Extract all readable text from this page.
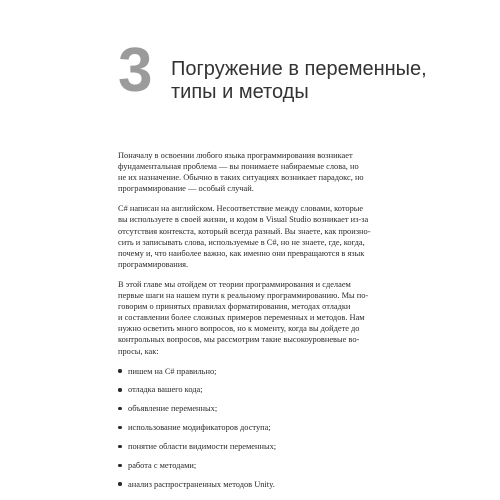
3 Погружение в переменные,
типы и методы
Поначалу в освоении любого языка программирования возникает
фундаментальная проблема — вы понимаете набираемые слова, но
не их назначение. Обычно в таких ситуациях возникает парадокс, но
программирование — особый случай.
C# написан на английском. Несоответствие между словами, которые
вы используете в своей жизни, и кодом в Visual Studio возникает из-за
отсутствия контекста, который всегда разный. Вы знаете, как произно-
сить и записывать слова, используемые в C#, но не знаете, где, когда,
почему и, что наиболее важно, как именно они превращаются в язык
программирования.
В этой главе мы отойдем от теории программирования и сделаем
первые шаги на нашем пути к реальному программированию. Мы по-
говорим о принятых правилах форматирования, методах отладки
и составлении более сложных примеров переменных и методов. Нам
нужно осветить много вопросов, но к моменту, когда вы дойдете до
контрольных вопросов, мы рассмотрим такие высокоуровневые во-
просы, как:
пишем на C# правильно;
отладка вашего кода;
объявление переменных;
использование модификаторов доступа;
понятие области видимости переменных;
работа с методами;
анализ распространенных методов Unity.
